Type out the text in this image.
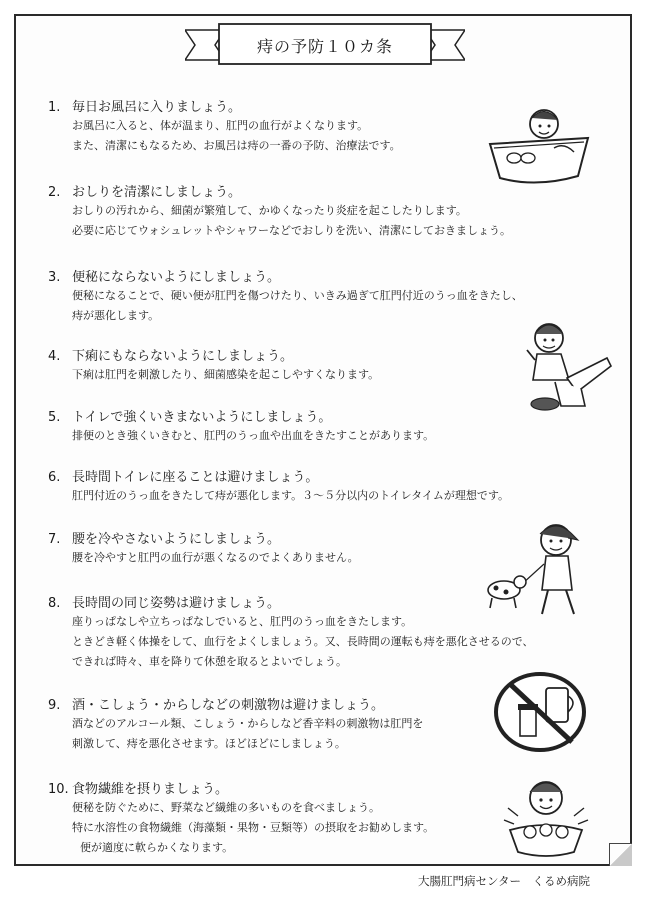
痔の予防１０カ条
1. 毎日お風呂に入りましょう。
お風呂に入ると、体が温まり、肛門の血行がよくなります。
また、清潔にもなるため、お風呂は痔の一番の予防、治療法です。
2. おしりを清潔にしましょう。
おしりの汚れから、細菌が繁殖して、かゆくなったり炎症を起こしたりします。
必要に応じてウォシュレットやシャワーなどでおしりを洗い、清潔にしておきましょう。
3. 便秘にならないようにしましょう。
便秘になることで、硬い便が肛門を傷つけたり、いきみ過ぎて肛門付近のうっ血をきたし、
痔が悪化します。
4. 下痢にもならないようにしましょう。
下痢は肛門を刺激したり、細菌感染を起こしやすくなります。
5. トイレで強くいきまないようにしましょう。
排便のとき強くいきむと、肛門のうっ血や出血をきたすことがあります。
6. 長時間トイレに座ることは避けましょう。
肛門付近のうっ血をきたして痔が悪化します。３～５分以内のトイレタイムが理想です。
7. 腰を冷やさないようにしましょう。
腰を冷やすと肛門の血行が悪くなるのでよくありません。
8. 長時間の同じ姿勢は避けましょう。
座りっぱなしや立ちっぱなしでいると、肛門のうっ血をきたします。
ときどき軽く体操をして、血行をよくしましょう。又、長時間の運転も痔を悪化させるので、
できれば時々、車を降りて休憩を取るとよいでしょう。
9. 酒・こしょう・からしなどの刺激物は避けましょう。
酒などのアルコール類、こしょう・からしなど香辛料の刺激物は肛門を
刺激して、痔を悪化させます。ほどほどにしましょう。
10. 食物繊維を摂りましょう。
便秘を防ぐために、野菜など繊維の多いものを食べましょう。
特に水溶性の食物繊維（海藻類・果物・豆類等）の摂取をお勧めします。
便が適度に軟らかくなります。
大腸肛門病センター　くるめ病院
